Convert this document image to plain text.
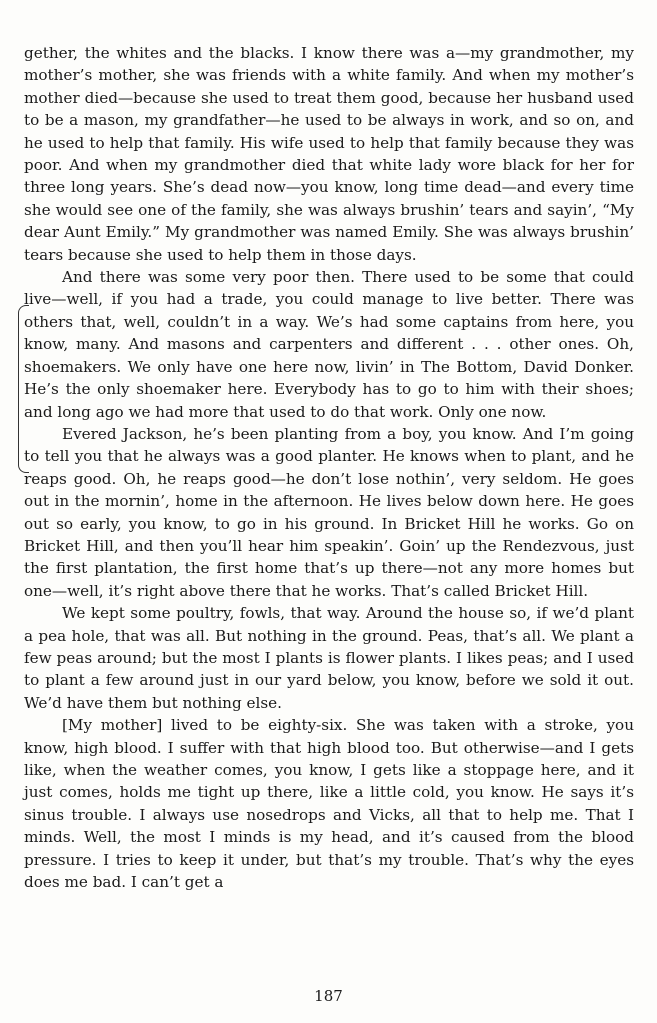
gether, the whites and the blacks. I know there was a—my grandmother, my mother’s mother, she was friends with a white family. And when my mother’s mother died—because she used to treat them good, because her husband used to be a mason, my grandfather—he used to be always in work, and so on, and he used to help that family. His wife used to help that family because they was poor. And when my grandmother died that white lady wore black for her for three long years. She’s dead now—you know, long time dead—and every time she would see one of the family, she was always brushin’ tears and sayin’, “My dear Aunt Emily.” My grandmother was named Emily. She was always brushin’ tears because she used to help them in those days.

And there was some very poor then. There used to be some that could live—well, if you had a trade, you could manage to live better. There was others that, well, couldn’t in a way. We’s had some captains from here, you know, many. And masons and carpenters and different . . . other ones. Oh, shoemakers. We only have one here now, livin’ in The Bottom, David Donker. He’s the only shoemaker here. Everybody has to go to him with their shoes; and long ago we had more that used to do that work. Only one now.

Evered Jackson, he’s been planting from a boy, you know. And I’m going to tell you that he always was a good planter. He knows when to plant, and he reaps good. Oh, he reaps good—he don’t lose nothin’, very seldom. He goes out in the mornin’, home in the afternoon. He lives below down here. He goes out so early, you know, to go in his ground. In Bricket Hill he works. Go on Bricket Hill, and then you’ll hear him speakin’. Goin’ up the Rendezvous, just the first plantation, the first home that’s up there—not any more homes but one—well, it’s right above there that he works. That’s called Bricket Hill.

We kept some poultry, fowls, that way. Around the house so, if we’d plant a pea hole, that was all. But nothing in the ground. Peas, that’s all. We plant a few peas around; but the most I plants is flower plants. I likes peas; and I used to plant a few around just in our yard below, you know, before we sold it out. We’d have them but nothing else.

[My mother] lived to be eighty-six. She was taken with a stroke, you know, high blood. I suffer with that high blood too. But otherwise—and I gets like, when the weather comes, you know, I gets like a stoppage here, and it just comes, holds me tight up there, like a little cold, you know. He says it’s sinus trouble. I always use nosedrops and Vicks, all that to help me. That I minds. Well, the most I minds is my head, and it’s caused from the blood pressure. I tries to keep it under, but that’s my trouble. That’s why the eyes does me bad. I can’t get a

187
